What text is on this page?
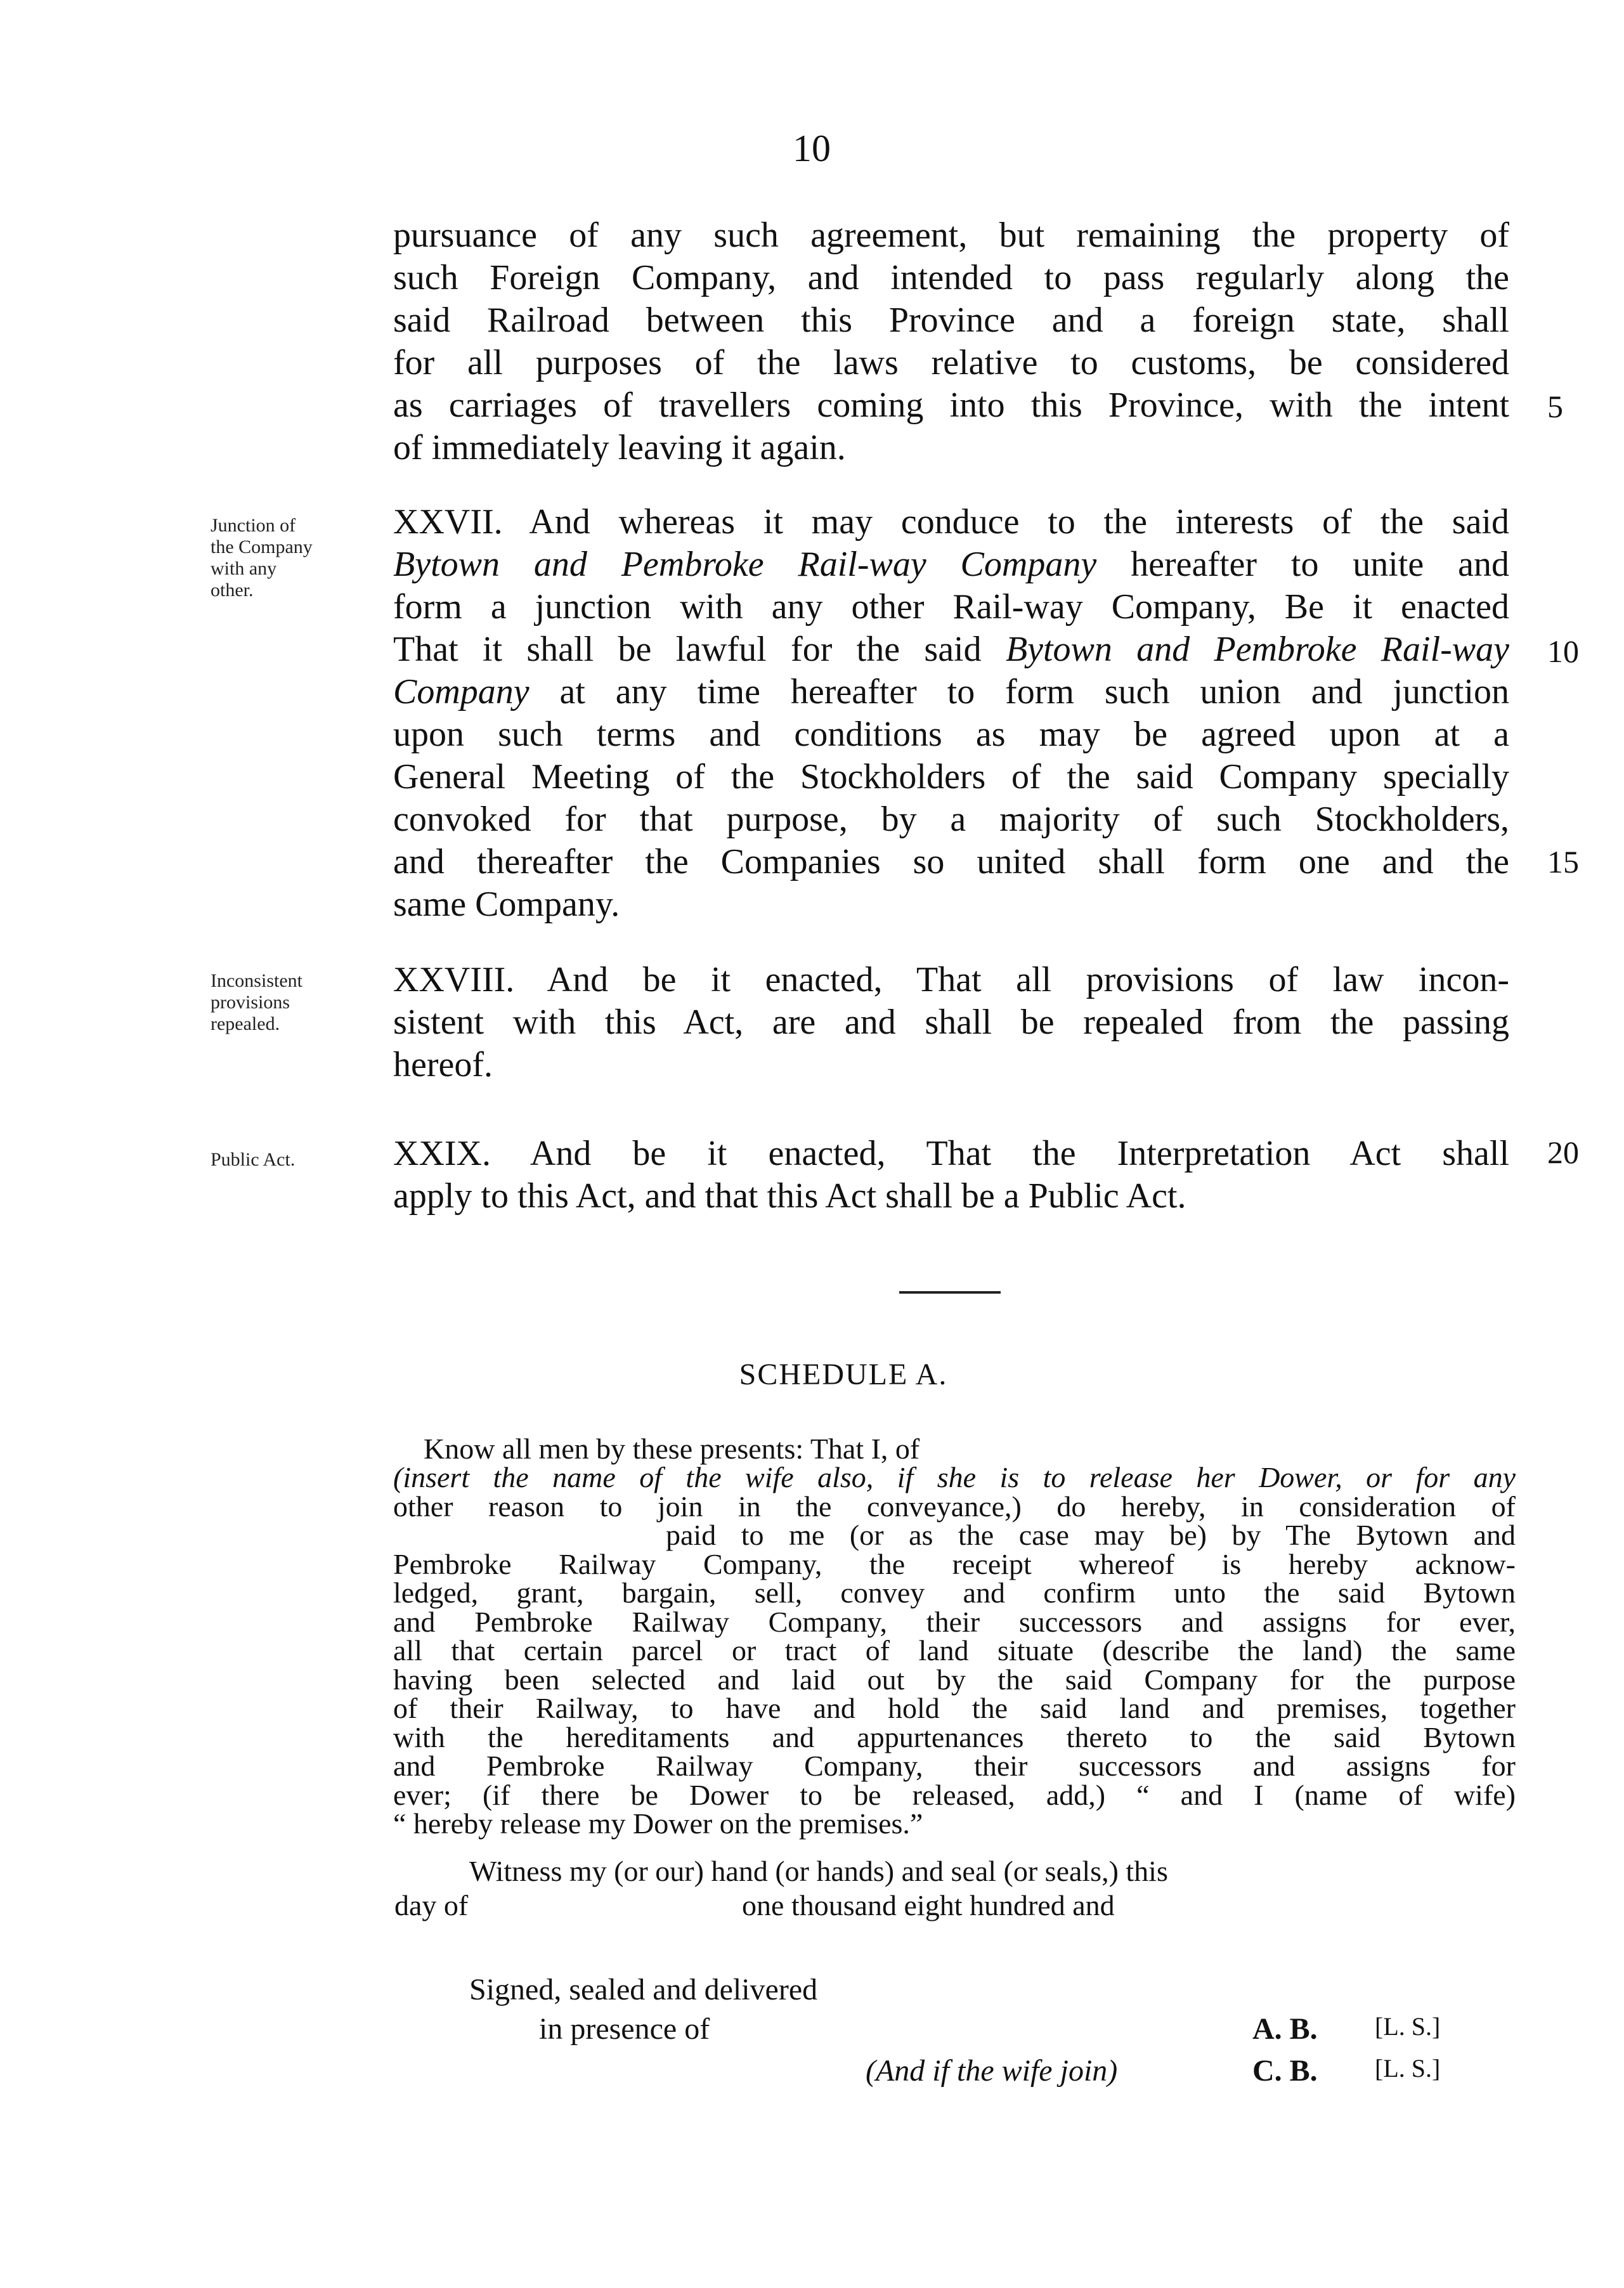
10
pursuance of any such agreement, but remaining the property of
such Foreign Company, and intended to pass regularly along the
said Railroad between this Province and a foreign state, shall
for all purposes of the laws relative to customs, be considered
as carriages of travellers coming into this Province, with the intent
of immediately leaving it again.
5
Junction of
the Company
with any
other.
XXVII. And whereas it may conduce to the interests of the said
Bytown and Pembroke Rail-way Company hereafter to unite and
form a junction with any other Rail-way Company, Be it enacted
That it shall be lawful for the said Bytown and Pembroke Rail-way
Company at any time hereafter to form such union and junction
upon such terms and conditions as may be agreed upon at a
General Meeting of the Stockholders of the said Company specially
convoked for that purpose, by a majority of such Stockholders,
and thereafter the Companies so united shall form one and the
same Company.
10
15
Inconsistent
provisions
repealed.
XXVIII. And be it enacted, That all provisions of law incon-
sistent with this Act, are and shall be repealed from the passing
hereof.
Public Act.	XXIX. And be it enacted, That the Interpretation Act shall
apply to this Act, and that this Act shall be a Public Act.
20
SCHEDULE A.
Know all men by these presents: That I, of
(insert the name of the wife also, if she is to release her Dower, or for any
other reason to join in the conveyance,) do hereby, in consideration of
paid to me (or as the case may be) by The Bytown and
Pembroke Railway Company, the receipt whereof is hereby acknow-
ledged, grant, bargain, sell, convey and confirm unto the said Bytown
and Pembroke Railway Company, their successors and assigns for ever,
all that certain parcel or tract of land situate (describe the land) the same
having been selected and laid out by the said Company for the purpose
of their Railway, to have and hold the said land and premises, together
with the hereditaments and appurtenances thereto to the said Bytown
and Pembroke Railway Company, their successors and assigns for
ever; (if there be Dower to be released, add,) “ and I (name of wife)
“ hereby release my Dower on the premises.”
Witness my (or our) hand (or hands) and seal (or seals,) this
day of	one thousand eight hundred and
Signed, sealed and delivered
in presence of	A. B. [L. S.]
(And if the wife join)	C. B. [L. S.]
